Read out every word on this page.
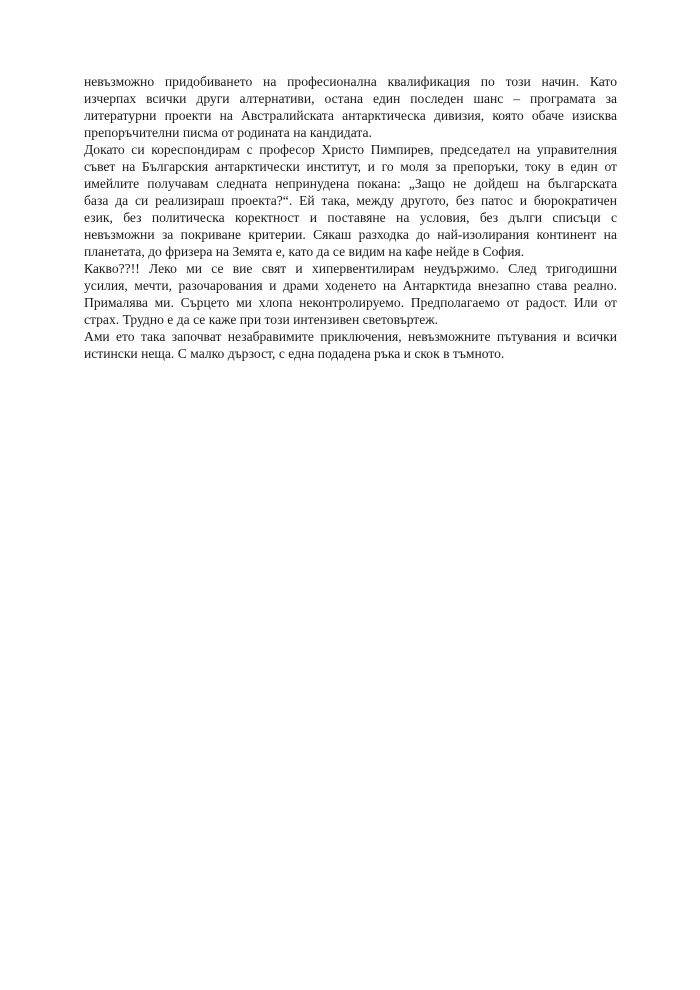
невъзможно придобиването на професионална квалификация по този начин. Като
изчерпах всички други алтернативи, остана един последен шанс – програмата за
литературни проекти на Австралийската антарктическа дивизия, която обаче изисква
препоръчителни писма от родината на кандидата.

Докато си кореспондирам с професор Христо Пимпирев, председател на управителния
съвет на Българския антарктически институт, и го моля за препоръки, току в един от
имейлите получавам следната непринудена покана: „Защо не дойдеш на българската
база да си реализираш проекта?“. Ей така, между другото, без патос и бюрократичен
език, без политическа коректност и поставяне на условия, без дълги списъци с
невъзможни за покриване критерии. Сякаш разходка до най-изолирания континент на
планетата, до фризера на Земята е, като да се видим на кафе нейде в София.

Какво??!! Леко ми се вие свят и хипервентилирам неудържимо. След тригодишни
усилия, мечти, разочарования и драми ходенето на Антарктида внезапно става реално.
Прималява ми. Сърцето ми хлопа неконтролируемо. Предполагаемо от радост. Или от
страх. Трудно е да се каже при този интензивен световъртеж.

Ами ето така започват незабравимите приключения, невъзможните пътувания и всички
истински неща. С малко дързост, с една подадена ръка и скок в тъмното.
